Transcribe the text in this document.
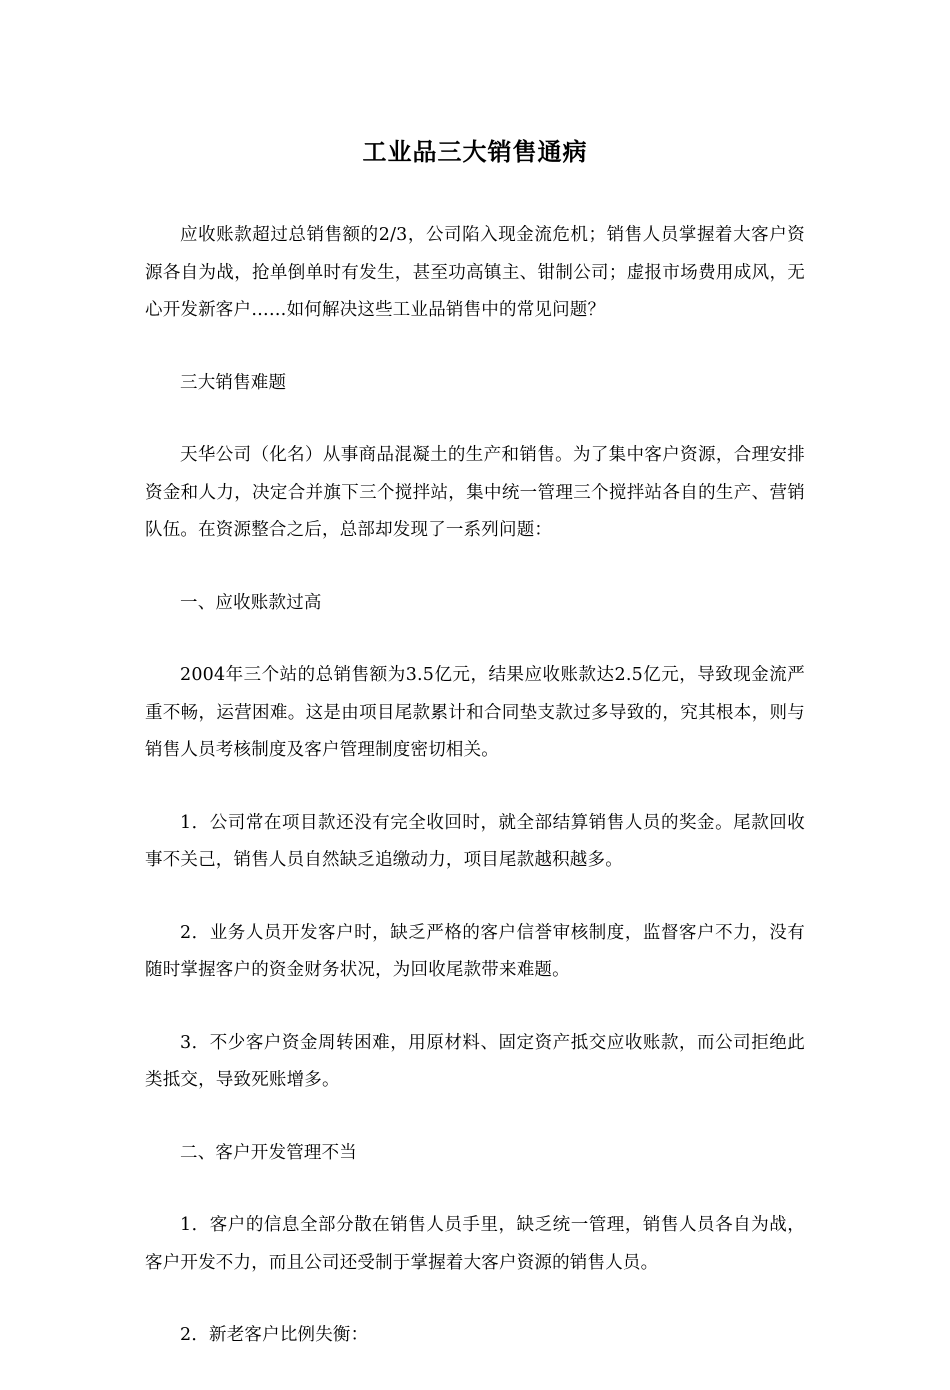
工业品三大销售通病

应收账款超过总销售额的2/3，公司陷入现金流危机；销售人员掌握着大客户资源各自为战，抢单倒单时有发生，甚至功高镇主、钳制公司；虚报市场费用成风，无心开发新客户……如何解决这些工业品销售中的常见问题？

三大销售难题

天华公司（化名）从事商品混凝土的生产和销售。为了集中客户资源，合理安排资金和人力，决定合并旗下三个搅拌站，集中统一管理三个搅拌站各自的生产、营销队伍。在资源整合之后，总部却发现了一系列问题：

一、应收账款过高

2004年三个站的总销售额为3.5亿元，结果应收账款达2.5亿元，导致现金流严重不畅，运营困难。这是由项目尾款累计和合同垫支款过多导致的，究其根本，则与销售人员考核制度及客户管理制度密切相关。

1．公司常在项目款还没有完全收回时，就全部结算销售人员的奖金。尾款回收事不关己，销售人员自然缺乏追缴动力，项目尾款越积越多。

2．业务人员开发客户时，缺乏严格的客户信誉审核制度，监督客户不力，没有随时掌握客户的资金财务状况，为回收尾款带来难题。

3．不少客户资金周转困难，用原材料、固定资产抵交应收账款，而公司拒绝此类抵交，导致死账增多。

二、客户开发管理不当

1．客户的信息全部分散在销售人员手里，缺乏统一管理，销售人员各自为战，客户开发不力，而且公司还受制于掌握着大客户资源的销售人员。

2．新老客户比例失衡：
